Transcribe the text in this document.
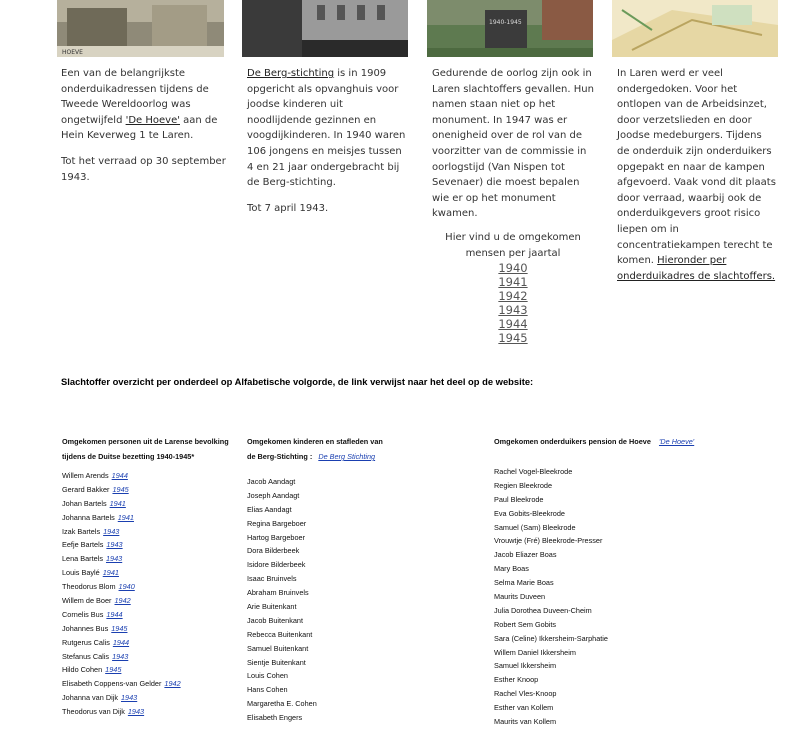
HOEVE
1940-1945

Een van de belangrijkste onderduikadressen tijdens de Tweede Wereldoorlog was ongetwijfeld 'De Hoeve' aan de Hein Keverweg 1 te Laren.

Tot het verraad op 30 september 1943.

De Berg-stichting is in 1909 opgericht als opvanghuis voor joodse kinderen uit noodlijdende gezinnen en voogdijkinderen. In 1940 waren 106 jongens en meisjes tussen 4 en 21 jaar ondergebracht bij de Berg-stichting.

Tot 7 april 1943.

Gedurende de oorlog zijn ook in Laren slachtoffers gevallen. Hun namen staan niet op het monument. In 1947 was er onenigheid over de rol van de voorzitter van de commissie in oorlogstijd (Van Nispen tot Sevenaer) die moest bepalen wie er op het monument kwamen.

Hier vind u de omgekomen mensen per jaartal
1940
1941
1942
1943
1944
1945

In Laren werd er veel ondergedoken. Voor het ontlopen van de Arbeidsinzet, door verzetslieden en door Joodse medeburgers. Tijdens de onderduik zijn onderduikers opgepakt en naar de kampen afgevoerd. Vaak vond dit plaats door verraad, waarbij ook de onderduikgevers groot risico liepen om in concentratiekampen terecht te komen. Hieronder per onderduikadres de slachtoffers.

Slachtoffer overzicht per onderdeel op Alfabetische volgorde, de link verwijst naar het deel op de website:

Omgekomen personen uit de Larense bevolking
tijdens de Duitse bezetting 1940-1945*

Willem Arends 1944
Gerard Bakker 1945
Johan Bartels 1941
Johanna Bartels 1941
Izak Bartels 1943
Eefje Bartels 1943
Lena Bartels 1943
Louis Baylé 1941
Theodorus Blom 1940
Willem de Boer 1942
Cornelis Bus 1944
Johannes Bus 1945
Rutgerus Calis 1944
Stefanus Calis 1943
Hildo Cohen 1945
Elisabeth Coppens-van Gelder 1942
Johanna van Dijk 1943
Theodorus van Dijk 1943

Omgekomen kinderen en stafleden van
de Berg-Stichting : De Berg Stichting

Jacob Aandagt
Joseph Aandagt
Elias Aandagt
Regina Bargeboer
Hartog Bargeboer
Dora Bilderbeek
Isidore Bilderbeek
Isaac Bruinvels
Abraham Bruinvels
Arie Buitenkant
Jacob Buitenkant
Rebecca Buitenkant
Samuel Buitenkant
Sientje Buitenkant
Louis Cohen
Hans Cohen
Margaretha E. Cohen
Elisabeth Engers

Omgekomen onderduikers pension de Hoeve 'De Hoeve'

Rachel Vogel-Bleekrode
Regien Bleekrode
Paul Bleekrode
Eva Gobits-Bleekrode
Samuel (Sam) Bleekrode
Vrouwtje (Fré) Bleekrode-Presser
Jacob Eliazer Boas
Mary Boas
Selma Marie Boas
Maurits Duveen
Julia Dorothea Duveen-Cheim
Robert Sem Gobits
Sara (Celine) Ikkersheim-Sarphatie
Willem Daniel Ikkersheim
Samuel Ikkersheim
Esther Knoop
Rachel Vles-Knoop
Esther van Kollem
Maurits van Kollem
